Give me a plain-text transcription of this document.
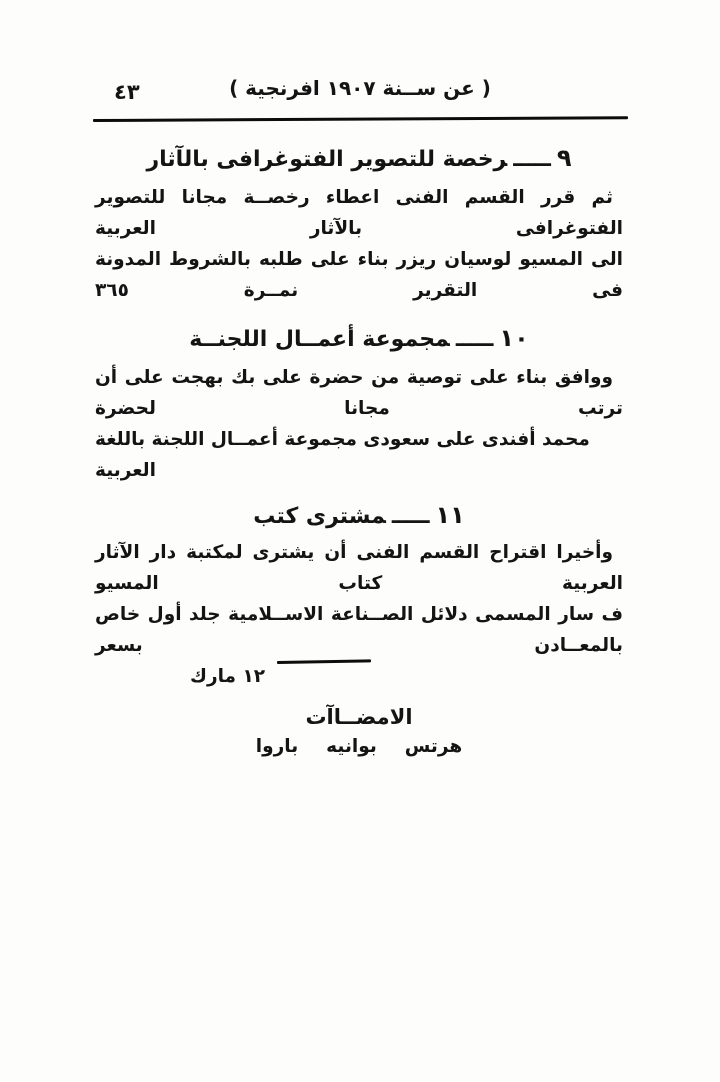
٤٣	( عن ســنة ١٩٠٧ افرنجية )
٩ـــــرخصة للتصوير الفتوغرافى بالآثار
ثم قرر القسم الفنى اعطاء رخصــة مجانا للتصوير الفتوغرافى بالآثار العربية
الى المسيو لوسيان ريزر بناء على طلبه بالشروط المدونة فى التقرير نمــرة ٣٦٥
١٠ـــــمجموعة أعمــال اللجنــة
ووافق بناء على توصية من حضرة على بك بهجت على أن ترتب مجانا لحضرة
محمد أفندى على سعودى مجموعة أعمــال اللجنة باللغة العربية
١١ـــــمشترى كتب
وأخيرا اقتراح القسم الفنى أن يشترى لمكتبة دار الآثار العربية كتاب المسيو
ف سار المسمى دلائل الصــناعة الاســلامية جلد أول خاص بالمعــادن بسعر
١٢ مارك
الامضــاآت
هرتس
بوانيه
باروا
